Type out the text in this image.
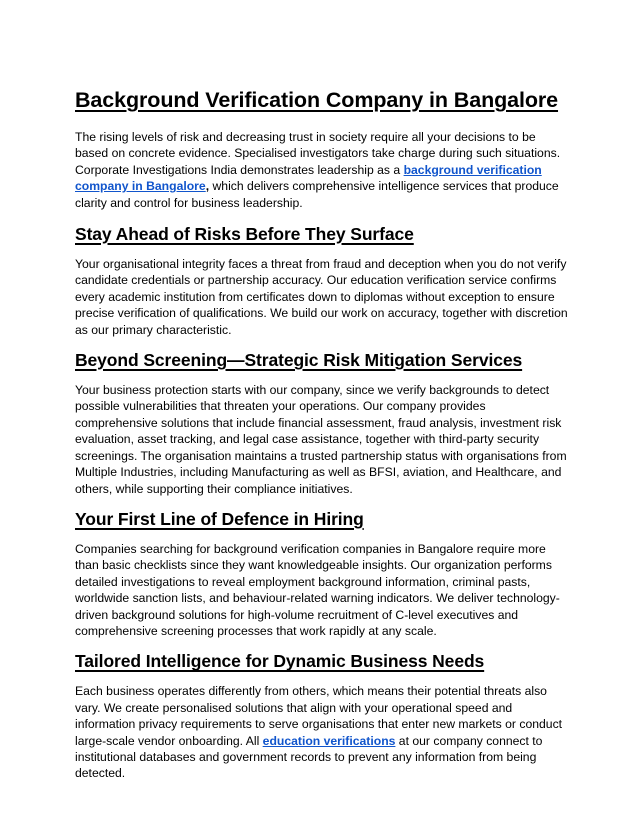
Background Verification Company in Bangalore

The rising levels of risk and decreasing trust in society require all your decisions to be based on concrete evidence. Specialised investigators take charge during such situations. Corporate Investigations India demonstrates leadership as a background verification company in Bangalore, which delivers comprehensive intelligence services that produce clarity and control for business leadership.

Stay Ahead of Risks Before They Surface

Your organisational integrity faces a threat from fraud and deception when you do not verify candidate credentials or partnership accuracy. Our education verification service confirms every academic institution from certificates down to diplomas without exception to ensure precise verification of qualifications. We build our work on accuracy, together with discretion as our primary characteristic.

Beyond Screening—Strategic Risk Mitigation Services

Your business protection starts with our company, since we verify backgrounds to detect possible vulnerabilities that threaten your operations. Our company provides comprehensive solutions that include financial assessment, fraud analysis, investment risk evaluation, asset tracking, and legal case assistance, together with third-party security screenings. The organisation maintains a trusted partnership status with organisations from Multiple Industries, including Manufacturing as well as BFSI, aviation, and Healthcare, and others, while supporting their compliance initiatives.

Your First Line of Defence in Hiring

Companies searching for background verification companies in Bangalore require more than basic checklists since they want knowledgeable insights. Our organization performs detailed investigations to reveal employment background information, criminal pasts, worldwide sanction lists, and behaviour-related warning indicators. We deliver technology-driven background solutions for high-volume recruitment of C-level executives and comprehensive screening processes that work rapidly at any scale.

Tailored Intelligence for Dynamic Business Needs

Each business operates differently from others, which means their potential threats also vary. We create personalised solutions that align with your operational speed and information privacy requirements to serve organisations that enter new markets or conduct large-scale vendor onboarding. All education verifications at our company connect to institutional databases and government records to prevent any information from being detected.
